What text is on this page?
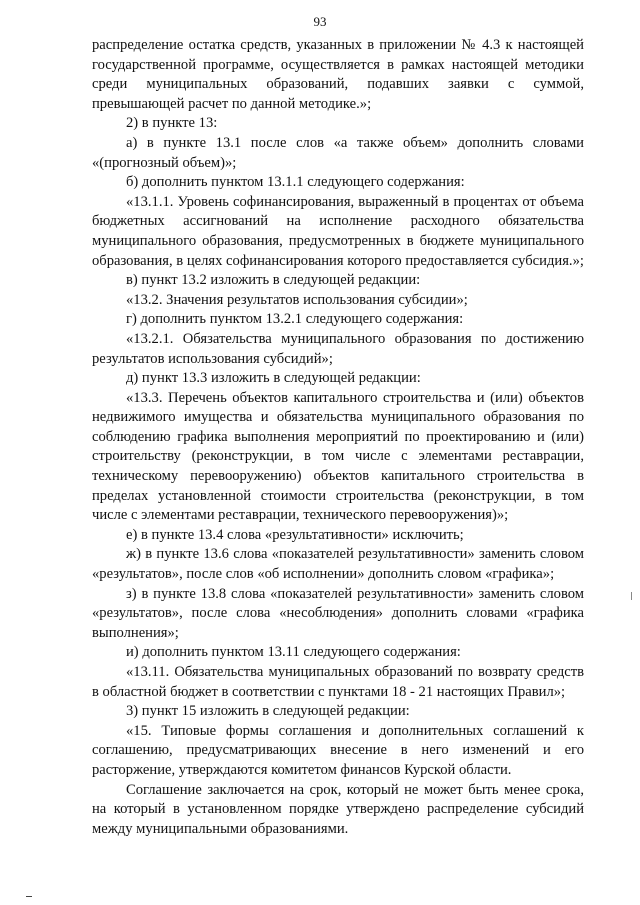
93

распределение остатка средств, указанных в приложении № 4.3 к настоящей государственной программе, осуществляется в рамках настоящей методики среди муниципальных образований, подавших заявки с суммой, превышающей расчет по данной методике.»;

2) в пункте 13:

а) в пункте 13.1 после слов «а также объем» дополнить словами «(прогнозный объем)»;

б) дополнить пунктом 13.1.1 следующего содержания:

«13.1.1. Уровень софинансирования, выраженный в процентах от объема бюджетных ассигнований на исполнение расходного обязательства муниципального образования, предусмотренных в бюджете муниципального образования, в целях софинансирования которого предоставляется субсидия.»;

в) пункт 13.2 изложить в следующей редакции:

«13.2. Значения результатов использования субсидии»;

г) дополнить пунктом 13.2.1 следующего содержания:

«13.2.1. Обязательства муниципального образования по достижению результатов использования субсидий»;

д) пункт 13.3 изложить в следующей редакции:

«13.3. Перечень объектов капитального строительства и (или) объектов недвижимого имущества и обязательства муниципального образования по соблюдению графика выполнения мероприятий по проектированию и (или) строительству (реконструкции, в том числе с элементами реставрации, техническому перевооружению) объектов капитального строительства в пределах установленной стоимости строительства (реконструкции, в том числе с элементами реставрации, технического перевооружения)»;

е) в пункте 13.4 слова «результативности» исключить;

ж) в пункте 13.6 слова «показателей результативности» заменить словом «результатов», после слов «об исполнении» дополнить словом «графика»;

з) в пункте 13.8 слова «показателей результативности» заменить словом «результатов», после слова «несоблюдения» дополнить словами «графика выполнения»;

и) дополнить пунктом 13.11 следующего содержания:

«13.11. Обязательства муниципальных образований по возврату средств в областной бюджет в соответствии с пунктами 18 - 21 настоящих Правил»;

3) пункт 15 изложить в следующей редакции:

«15. Типовые формы соглашения и дополнительных соглашений к соглашению, предусматривающих внесение в него изменений и его расторжение, утверждаются комитетом финансов Курской области.

Соглашение заключается на срок, который не может быть менее срока, на который в установленном порядке утверждено распределение субсидий между муниципальными образованиями.
